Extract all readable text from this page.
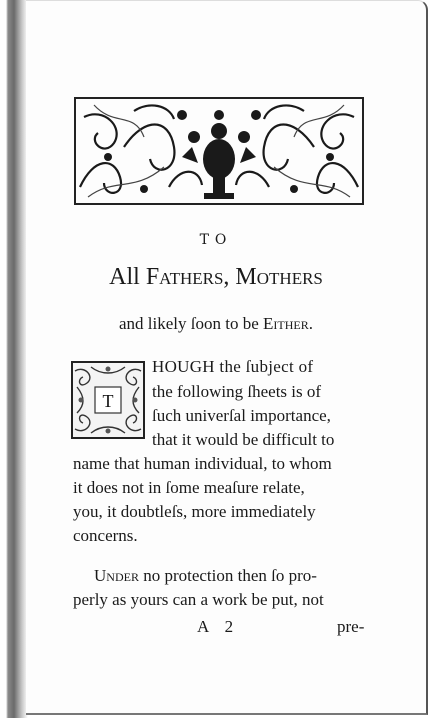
TO
All Fathers, Mothers
and likely ſoon to be Either.
T
HOUGH the ſubject of
the following ſheets is of
ſuch univerſal importance,
that it would be difficult to
name that human individual, to whom
it does not in ſome meaſure relate,
you, it doubtleſs, more immediately
concerns.
Under no protection then ſo pro-
perly as yours can a work be put, not
A 2	pre-
